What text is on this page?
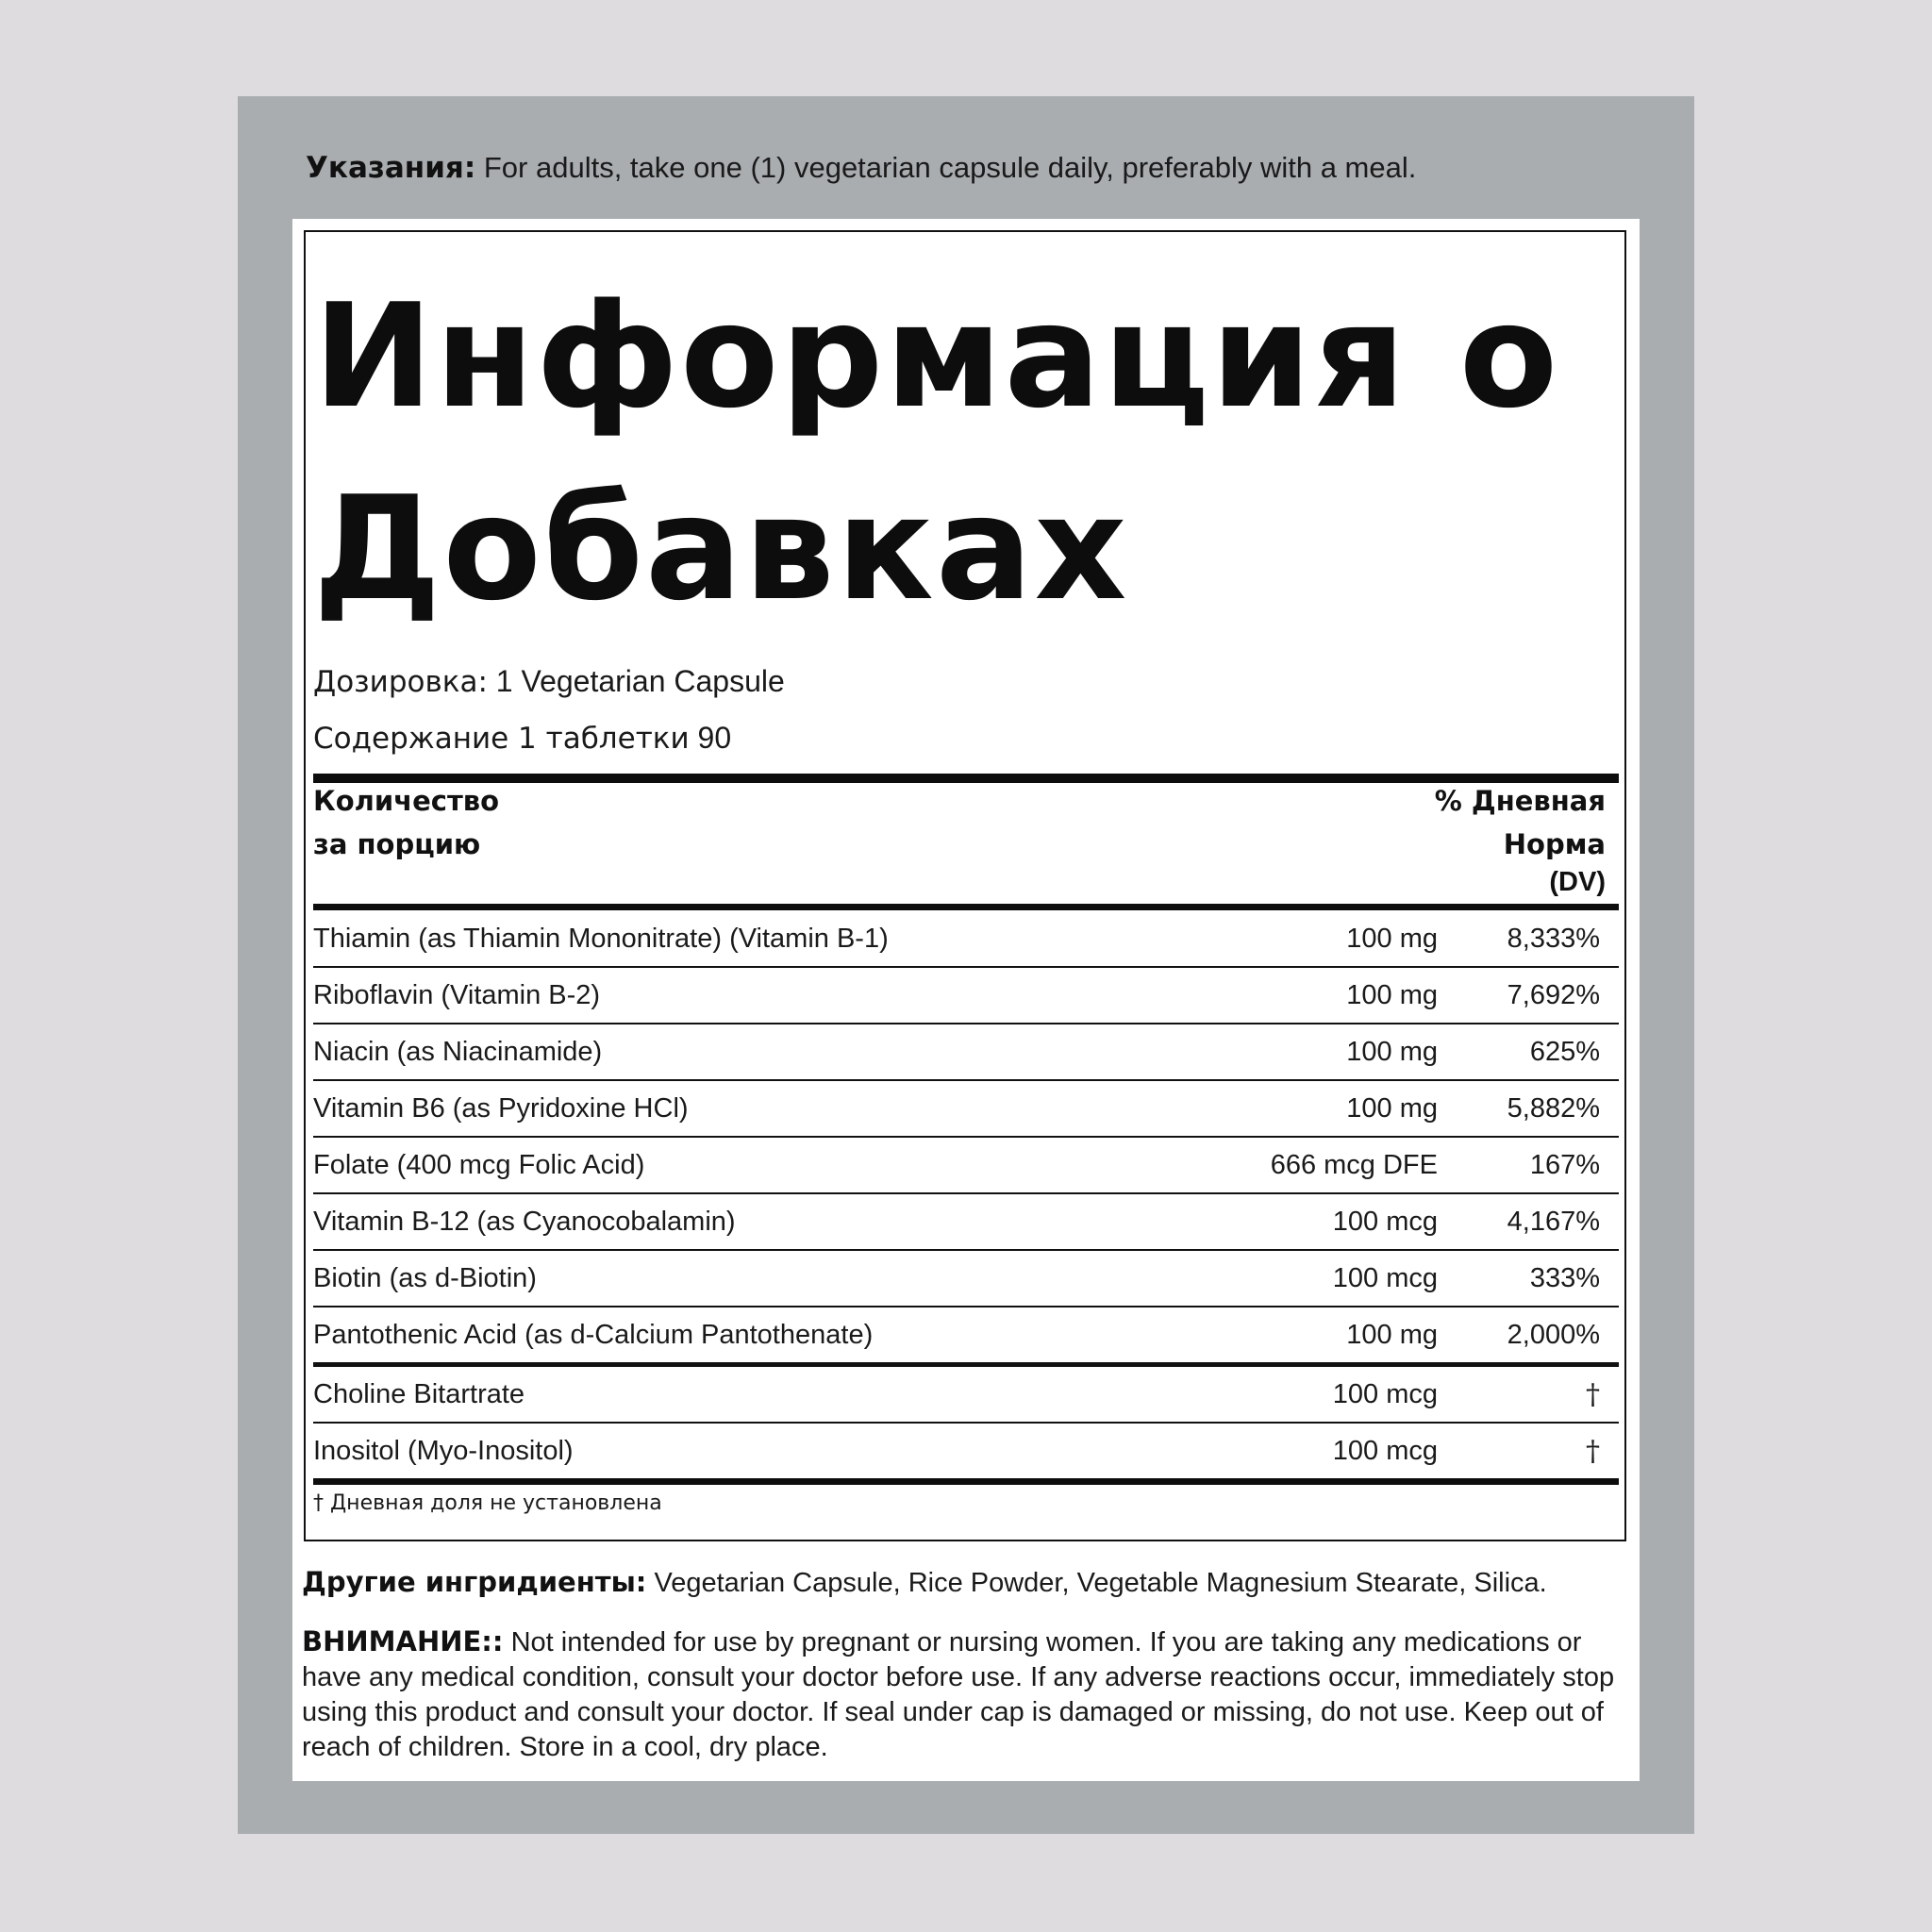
Указания: For adults, take one (1) vegetarian capsule daily, preferably with a meal.
Информация о
Добавках
Дозировка: 1 Vegetarian Capsule
Содержание 1 таблетки 90
Количество
за порцию
% Дневная
Норма
(DV)
Thiamin (as Thiamin Mononitrate) (Vitamin B-1)	100 mg	8,333%
Riboflavin (Vitamin B-2)	100 mg	7,692%
Niacin (as Niacinamide)	100 mg	625%
Vitamin B6 (as Pyridoxine HCl)	100 mg	5,882%
Folate (400 mcg Folic Acid)	666 mcg DFE	167%
Vitamin B-12 (as Cyanocobalamin)	100 mcg	4,167%
Biotin (as d-Biotin)	100 mcg	333%
Pantothenic Acid (as d-Calcium Pantothenate)	100 mg	2,000%
Choline Bitartrate	100 mcg	†
Inositol (Myo-Inositol)	100 mcg	†
† Дневная доля не установлена
Другие ингридиенты: Vegetarian Capsule, Rice Powder, Vegetable Magnesium Stearate, Silica.
ВНИМАНИЕ:: Not intended for use by pregnant or nursing women. If you are taking any medications or have any medical condition, consult your doctor before use. If any adverse reactions occur, immediately stop using this product and consult your doctor. If seal under cap is damaged or missing, do not use. Keep out of reach of children. Store in a cool, dry place.
